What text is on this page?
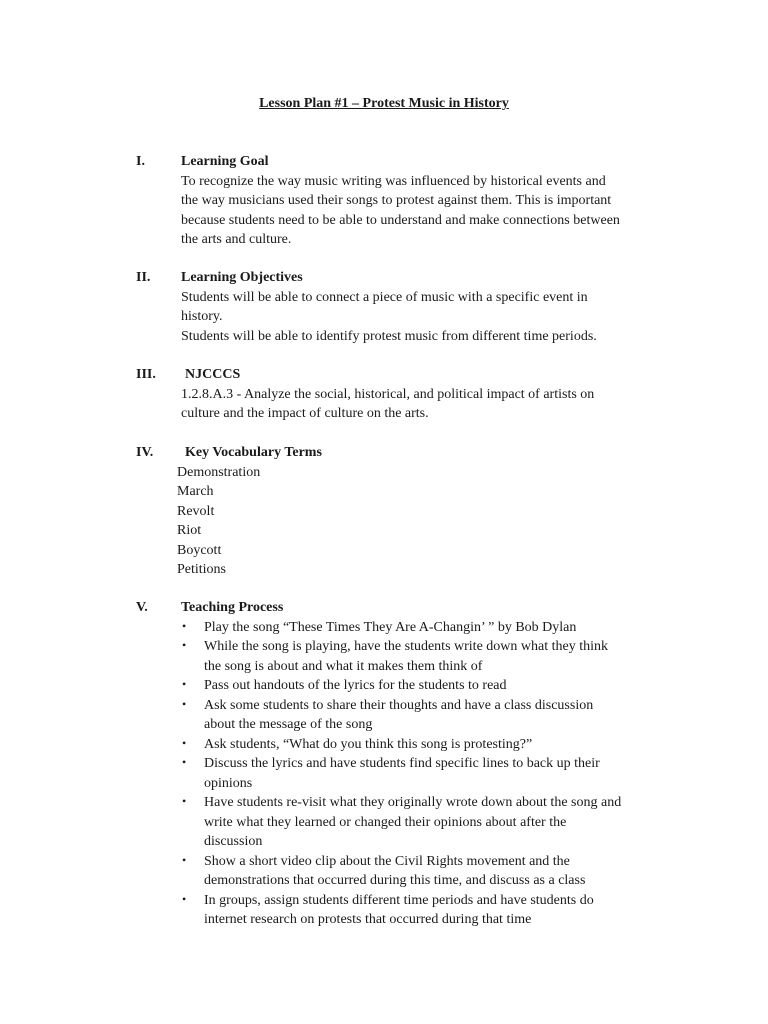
Lesson Plan #1 – Protest Music in History
I.	Learning Goal
To recognize the way music writing was influenced by historical events and
the way musicians used their songs to protest against them. This is important
because students need to be able to understand and make connections between
the arts and culture.
II. Learning Objectives
Students will be able to connect a piece of music with a specific event in
history.
Students will be able to identify protest music from different time periods.
III. NJCCCS
1.2.8.A.3 - Analyze the social, historical, and political impact of artists on
culture and the impact of culture on the arts.
IV. Key Vocabulary Terms
Demonstration
March
Revolt
Riot
Boycott
Petitions
V. Teaching Process
• Play the song “These Times They Are A-Changin’ ” by Bob Dylan
• While the song is playing, have the students write down what they think
the song is about and what it makes them think of
• Pass out handouts of the lyrics for the students to read
• Ask some students to share their thoughts and have a class discussion
about the message of the song
• Ask students, “What do you think this song is protesting?”
• Discuss the lyrics and have students find specific lines to back up their
opinions
• Have students re-visit what they originally wrote down about the song and
write what they learned or changed their opinions about after the
discussion
• Show a short video clip about the Civil Rights movement and the
demonstrations that occurred during this time, and discuss as a class
• In groups, assign students different time periods and have students do
internet research on protests that occurred during that time
